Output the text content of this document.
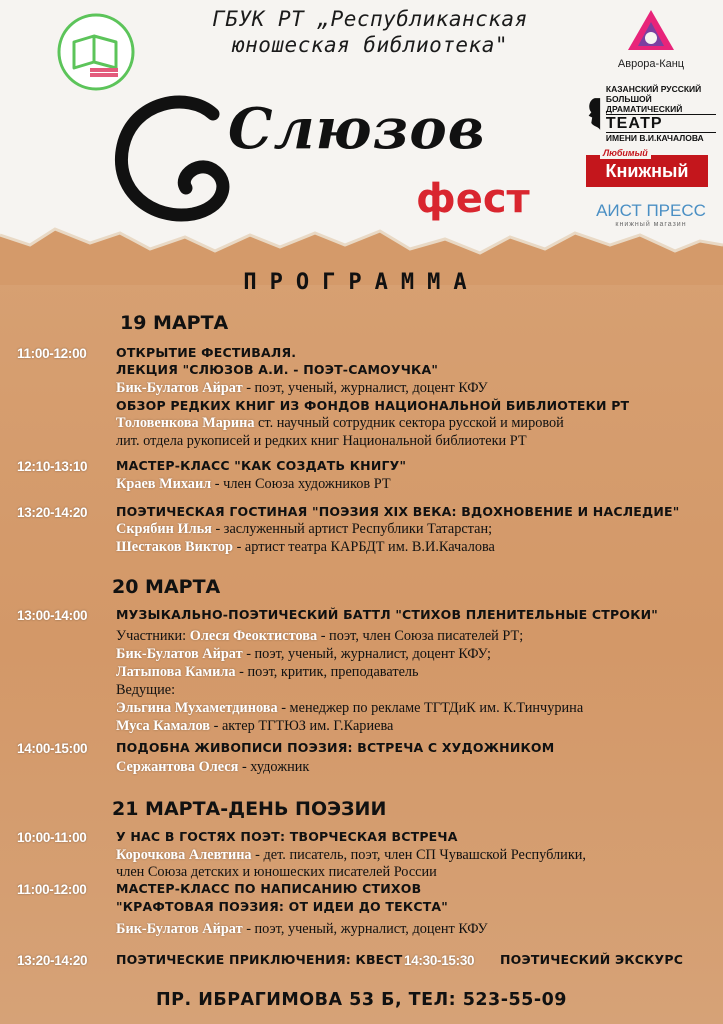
ГБУК РТ „Республиканская
юношеская библиотека"
Слюзов
фест
Аврора-Канц
КАЗАНСКИЙ РУССКИЙ
БОЛЬШОЙ ДРАМАТИЧЕСКИЙ
ТЕАТР
ИМЕНИ В.И.КАЧАЛОВА
Любимый
Книжный
АИСТ ПРЕСС
книжный магазин
ПРОГРАММА
19 МАРТА
11:00-12:00 ОТКРЫТИЕ ФЕСТИВАЛЯ.
ЛЕКЦИЯ "СЛЮЗОВ А.И. - ПОЭТ-САМОУЧКА"
Бик-Булатов Айрат - поэт, ученый, журналист, доцент КФУ
ОБЗОР РЕДКИХ КНИГ ИЗ ФОНДОВ НАЦИОНАЛЬНОЙ БИБЛИОТЕКИ РТ
Толовенкова Марина ст. научный сотрудник сектора русской и мировой
лит. отдела рукописей и редких книг Национальной библиотеки РТ
12:10-13:10 МАСТЕР-КЛАСС "КАК СОЗДАТЬ КНИГУ"
Краев Михаил - член Союза художников РТ
13:20-14:20 ПОЭТИЧЕСКАЯ ГОСТИНАЯ "ПОЭЗИЯ XIX ВЕКА: ВДОХНОВЕНИЕ И НАСЛЕДИЕ"
Скрябин Илья - заслуженный артист Республики Татарстан;
Шестаков Виктор - артист театра КАРБДТ им. В.И.Качалова
20 МАРТА
13:00-14:00 МУЗЫКАЛЬНО-ПОЭТИЧЕСКИЙ БАТТЛ "СТИХОВ ПЛЕНИТЕЛЬНЫЕ СТРОКИ"
Участники: Олеся Феоктистова - поэт, член Союза писателей РТ;
Бик-Булатов Айрат - поэт, ученый, журналист, доцент КФУ;
Латыпова Камила - поэт, критик, преподаватель
Ведущие:
Эльгина Мухаметдинова - менеджер по рекламе ТГТДиК им. К.Тинчурина
Муса Камалов - актер ТГТЮЗ им. Г.Кариева
14:00-15:00 ПОДОБНА ЖИВОПИСИ ПОЭЗИЯ: ВСТРЕЧА С ХУДОЖНИКОМ
Сержантова Олеся - художник
21 МАРТА-ДЕНЬ ПОЭЗИИ
10:00-11:00 У НАС В ГОСТЯХ ПОЭТ: ТВОРЧЕСКАЯ ВСТРЕЧА
Корочкова Алевтина - дет. писатель, поэт, член СП Чувашской Республики,
член Союза детских и юношеских писателей России
11:00-12:00 МАСТЕР-КЛАСС ПО НАПИСАНИЮ СТИХОВ
"КРАФТОВАЯ ПОЭЗИЯ: ОТ ИДЕИ ДО ТЕКСТА"
Бик-Булатов Айрат - поэт, ученый, журналист, доцент КФУ
13:20-14:20 ПОЭТИЧЕСКИЕ ПРИКЛЮЧЕНИЯ: КВЕСТ 14:30-15:30 ПОЭТИЧЕСКИЙ ЭКСКУРС
ПР. ИБРАГИМОВА 53 Б, ТЕЛ: 523-55-09
